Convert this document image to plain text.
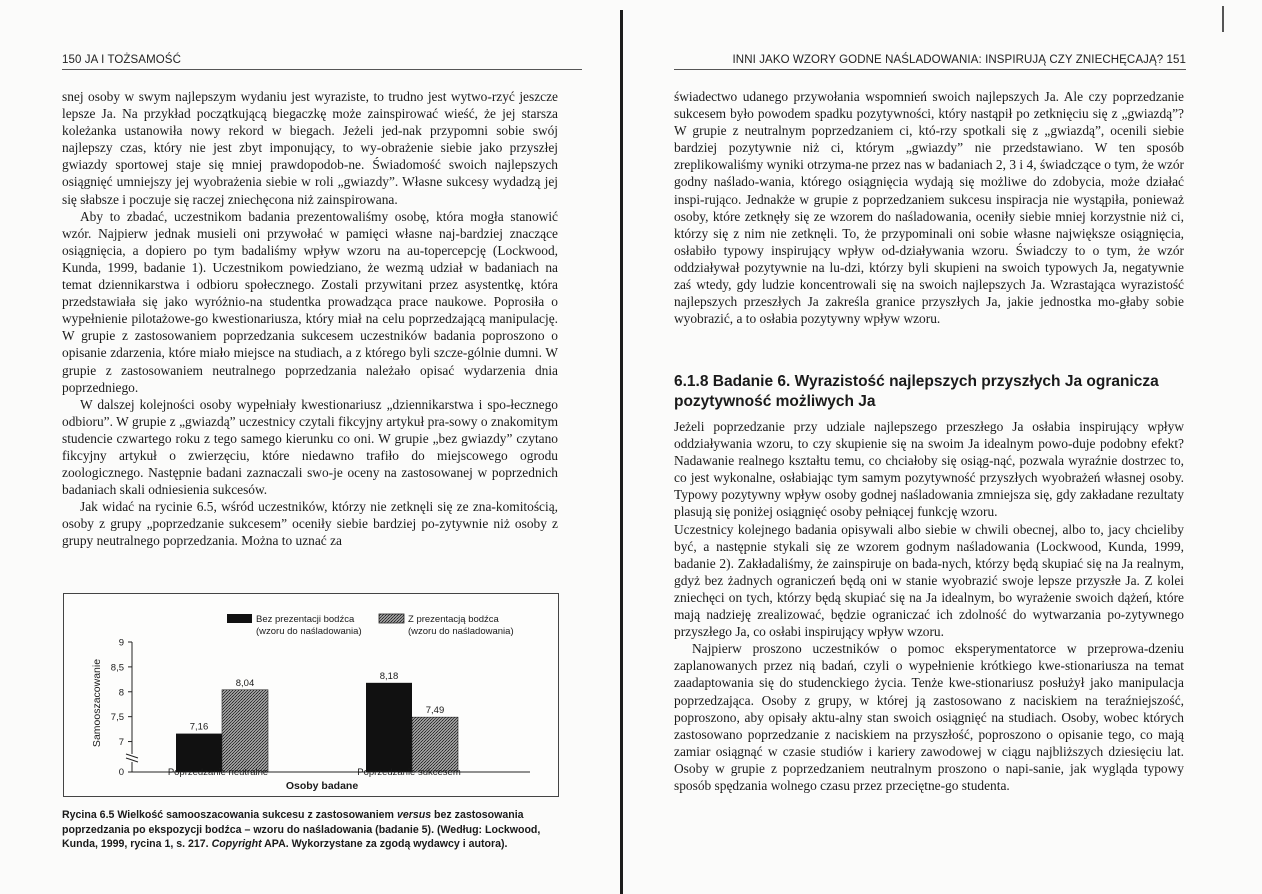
150 JA I TOŻSAMOŚĆ

snej osoby w swym najlepszym wydaniu jest wyraziste, to trudno jest wytwo-rzyć jeszcze lepsze Ja. Na przykład początkującą biegaczkę może zainspirować wieść, że jej starsza koleżanka ustanowiła nowy rekord w biegach. Jeżeli jed-nak przypomni sobie swój najlepszy czas, który nie jest zbyt imponujący, to wy-obrażenie siebie jako przyszłej gwiazdy sportowej staje się mniej prawdopodob-ne. Świadomość swoich najlepszych osiągnięć umniejszy jej wyobrażenia siebie w roli „gwiazdy”. Własne sukcesy wydadzą jej się słabsze i poczuje się raczej zniechęcona niż zainspirowana.

Aby to zbadać, uczestnikom badania prezentowaliśmy osobę, która mogła stanowić wzór. Najpierw jednak musieli oni przywołać w pamięci własne naj-bardziej znaczące osiągnięcia, a dopiero po tym badaliśmy wpływ wzoru na au-topercepcję (Lockwood, Kunda, 1999, badanie 1). Uczestnikom powiedziano, że wezmą udział w badaniach na temat dziennikarstwa i odbioru społecznego. Zostali przywitani przez asystentkę, która przedstawiała się jako wyróżnio-na studentka prowadząca prace naukowe. Poprosiła o wypełnienie pilotażowe-go kwestionariusza, który miał na celu poprzedzającą manipulację. W grupie z zastosowaniem poprzedzania sukcesem uczestników badania poproszono o opisanie zdarzenia, które miało miejsce na studiach, a z którego byli szcze-gólnie dumni. W grupie z zastosowaniem neutralnego poprzedzania należało opisać wydarzenia dnia poprzedniego.

W dalszej kolejności osoby wypełniały kwestionariusz „dziennikarstwa i spo-łecznego odbioru”. W grupie z „gwiazdą” uczestnicy czytali fikcyjny artykuł pra-sowy o znakomitym studencie czwartego roku z tego samego kierunku co oni. W grupie „bez gwiazdy” czytano fikcyjny artykuł o zwierzęciu, które niedawno trafiło do miejscowego ogrodu zoologicznego. Następnie badani zaznaczali swo-je oceny na zastosowanej w poprzednich badaniach skali odniesienia sukcesów.

Jak widać na rycinie 6.5, wśród uczestników, którzy nie zetknęli się ze zna-komitością, osoby z grupy „poprzedzanie sukcesem” oceniły siebie bardziej po-zytywnie niż osoby z grupy neutralnego poprzedzania. Można to uznać za

Bez prezentacji bodźca
(wzoru do naśladowania)
Z prezentacją bodźca
(wzoru do naśladowania)
Samooszacowanie
0
7
7,5
8
8,5
9
7,16
8,04
8,18
7,49
Poprzedzanie neutralne	Poprzedzanie sukcesem
Osoby badane
Rycina 6.5 Wielkość samooszacowania sukcesu z zastosowaniem versus bez zastosowania poprzedzania po ekspozycji bodźca – wzoru do naśladowania (badanie 5). (Według: Lockwood, Kunda, 1999, rycina 1, s. 217. Copyright APA. Wykorzystane za zgodą wydawcy i autora).
INNI JAKO WZORY GODNE NAŚLADOWANIA: INSPIRUJĄ CZY ZNIECHĘCAJĄ? 151

świadectwo udanego przywołania wspomnień swoich najlepszych Ja. Ale czy poprzedzanie sukcesem było powodem spadku pozytywności, który nastąpił po zetknięciu się z „gwiazdą”? W grupie z neutralnym poprzedzaniem ci, któ-rzy spotkali się z „gwiazdą”, ocenili siebie bardziej pozytywnie niż ci, którym „gwiazdy” nie przedstawiano. W ten sposób zreplikowaliśmy wyniki otrzyma-ne przez nas w badaniach 2, 3 i 4, świadczące o tym, że wzór godny naślado-wania, którego osiągnięcia wydają się możliwe do zdobycia, może działać inspi-rująco. Jednakże w grupie z poprzedzaniem sukcesu inspiracja nie wystąpiła, ponieważ osoby, które zetknęły się ze wzorem do naśladowania, oceniły siebie mniej korzystnie niż ci, którzy się z nim nie zetknęli. To, że przypominali oni sobie własne największe osiągnięcia, osłabiło typowy inspirujący wpływ od-działywania wzoru. Świadczy to o tym, że wzór oddziaływał pozytywnie na lu-dzi, którzy byli skupieni na swoich typowych Ja, negatywnie zaś wtedy, gdy ludzie koncentrowali się na swoich najlepszych Ja. Wzrastająca wyrazistość najlepszych przeszłych Ja zakreśla granice przyszłych Ja, jakie jednostka mo-głaby sobie wyobrazić, a to osłabia pozytywny wpływ wzoru.

6.1.8 Badanie 6. Wyrazistość najlepszych przyszłych Ja ogranicza pozytywność możliwych Ja

Jeżeli poprzedzanie przy udziale najlepszego przeszłego Ja osłabia inspirujący wpływ oddziaływania wzoru, to czy skupienie się na swoim Ja idealnym powo-duje podobny efekt? Nadawanie realnego kształtu temu, co chciałoby się osiąg-nąć, pozwala wyraźnie dostrzec to, co jest wykonalne, osłabiając tym samym pozytywność przyszłych wyobrażeń własnej osoby. Typowy pozytywny wpływ osoby godnej naśladowania zmniejsza się, gdy zakładane rezultaty plasują się poniżej osiągnięć osoby pełniącej funkcję wzoru.

Uczestnicy kolejnego badania opisywali albo siebie w chwili obecnej, albo to, jacy chcieliby być, a następnie stykali się ze wzorem godnym naśladowania (Lockwood, Kunda, 1999, badanie 2). Zakładaliśmy, że zainspiruje on bada-nych, którzy będą skupiać się na Ja realnym, gdyż bez żadnych ograniczeń będą oni w stanie wyobrazić swoje lepsze przyszłe Ja. Z kolei zniechęci on tych, którzy będą skupiać się na Ja idealnym, bo wyrażenie swoich dążeń, które mają nadzieję zrealizować, będzie ograniczać ich zdolność do wytwarzania po-zytywnego przyszłego Ja, co osłabi inspirujący wpływ wzoru.

Najpierw proszono uczestników o pomoc eksperymentatorce w przeprowa-dzeniu zaplanowanych przez nią badań, czyli o wypełnienie krótkiego kwe-stionariusza na temat zaadaptowania się do studenckiego życia. Tenże kwe-stionariusz posłużył jako manipulacja poprzedzająca. Osoby z grupy, w której ją zastosowano z naciskiem na teraźniejszość, poproszono, aby opisały aktu-alny stan swoich osiągnięć na studiach. Osoby, wobec których zastosowano poprzedzanie z naciskiem na przyszłość, poproszono o opisanie tego, co mają zamiar osiągnąć w czasie studiów i kariery zawodowej w ciągu najbliższych dziesięciu lat. Osoby w grupie z poprzedzaniem neutralnym proszono o napi-sanie, jak wygląda typowy sposób spędzania wolnego czasu przez przeciętne-go studenta.
